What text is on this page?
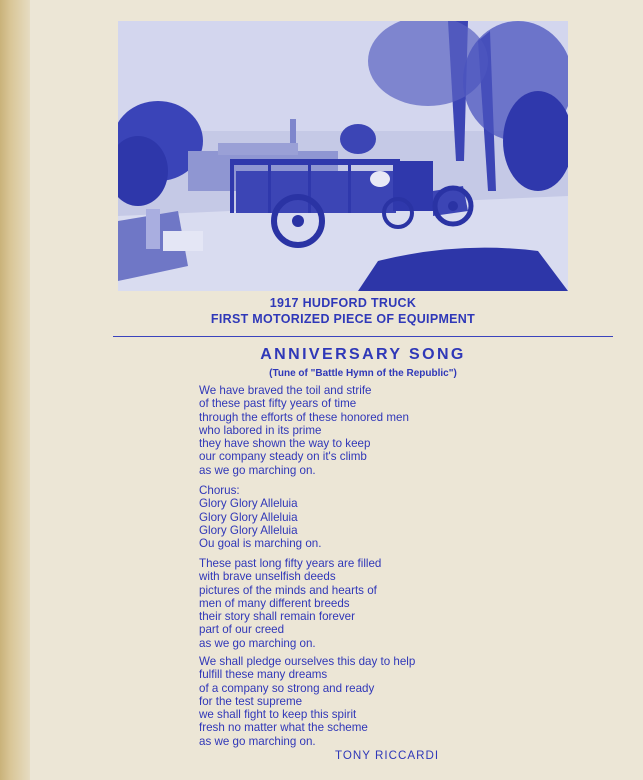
1917 HUDFORD TRUCK
FIRST MOTORIZED PIECE OF EQUIPMENT
ANNIVERSARY SONG
(Tune of "Battle Hymn of the Republic")
We have braved the toil and strife
of these past fifty years of time
through the efforts of these honored men
who labored in its prime
they have shown the way to keep
our company steady on it's climb
as we go marching on.
Chorus:
Glory Glory Alleluia
Glory Glory Alleluia
Glory Glory Alleluia
Ou goal is marching on.
These past long fifty years are filled
with brave unselfish deeds
pictures of the minds and hearts of
men of many different breeds
their story shall remain forever
part of our creed
as we go marching on.
We shall pledge ourselves this day to help
fulfill these many dreams
of a company so strong and ready
for the test supreme
we shall fight to keep this spirit
fresh no matter what the scheme
as we go marching on.
TONY RICCARDI
